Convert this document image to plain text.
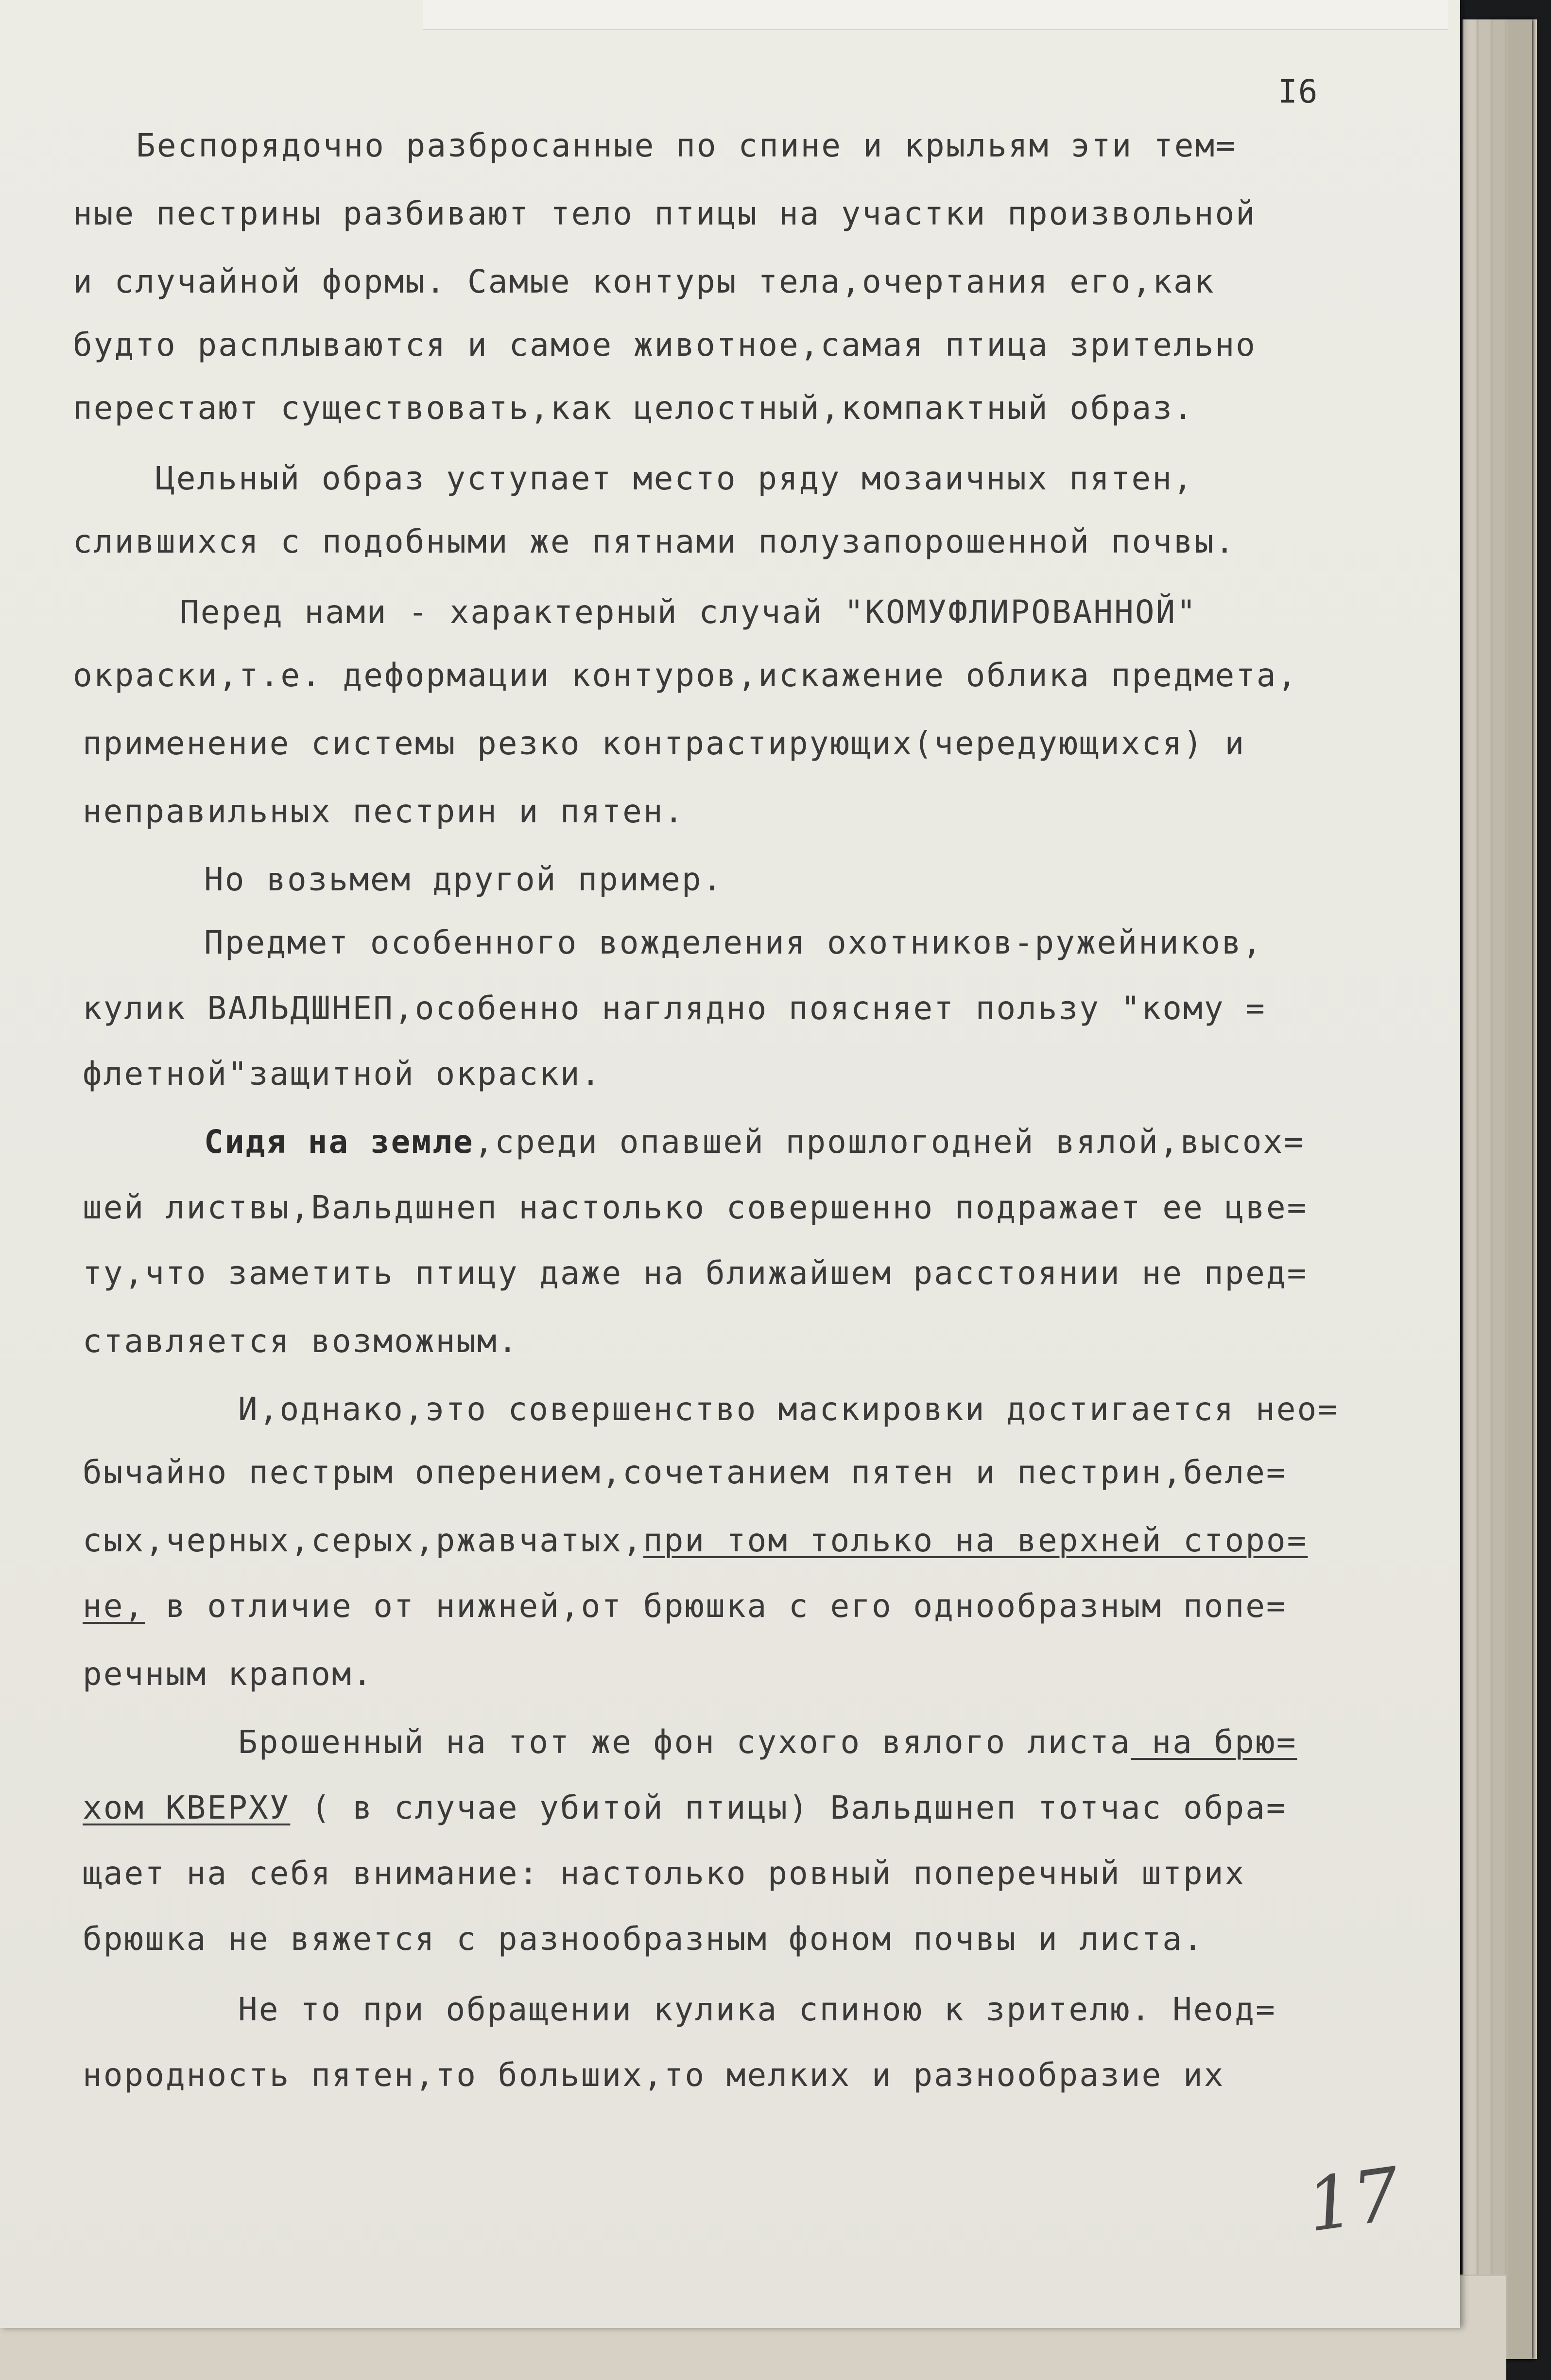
I6
Беспорядочно разбросанные по спине и крыльям эти тем=
ные пестрины разбивают тело птицы на участки произвольной
и случайной формы. Самые контуры тела,очертания его,как
будто расплываются и самое животное,самая птица зрительно
перестают существовать,как целостный,компактный образ.
Цельный образ уступает место ряду мозаичных пятен,
слившихся с подобными же пятнами полузапорошенной почвы.
Перед нами - характерный случай "КОМУФЛИРОВАННОЙ"
окраски,т.е. деформации контуров,искажение облика предмета,
применение системы резко контрастирующих(чередующихся) и
неправильных пестрин и пятен.
Но возьмем другой пример.
Предмет особенного вожделения охотников-ружейников,
кулик ВАЛЬДШНЕП,особенно наглядно поясняет пользу "кому =
флетной"защитной окраски.
Сидя на земле,среди опавшей прошлогодней вялой,высох=
шей листвы,Вальдшнеп настолько совершенно подражает ее цве=
ту,что заметить птицу даже на ближайшем расстоянии не пред=
ставляется возможным.
И,однако,это совершенство маскировки достигается нео=
бычайно пестрым оперением,сочетанием пятен и пестрин,беле=
сых,черных,серых,ржавчатых,при том только на верхней сторо=
не, в отличие от нижней,от брюшка с его однообразным попе=
речным крапом.
Брошенный на тот же фон сухого вялого листа на брю=
хом КВЕРХУ ( в случае убитой птицы) Вальдшнеп тотчас обра=
щает на себя внимание: настолько ровный поперечный штрих
брюшка не вяжется с разнообразным фоном почвы и листа.
Не то при обращении кулика спиною к зрителю. Неод=
нородность пятен,то больших,то мелких и разнообразие их
17
